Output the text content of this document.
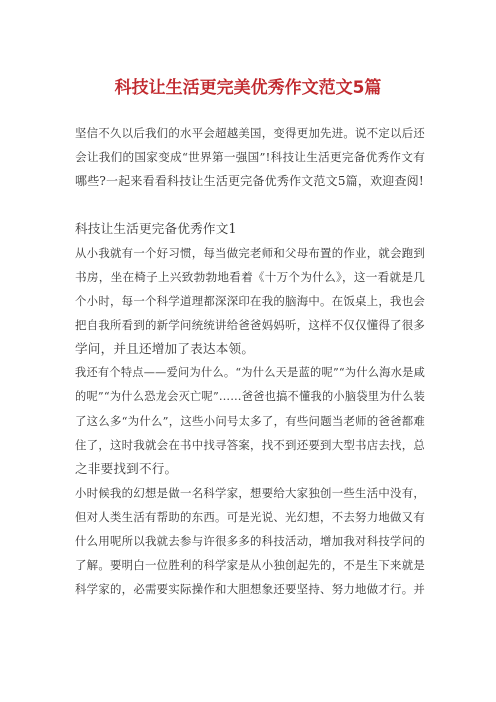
科技让生活更完美优秀作文范文5篇
坚信不久以后我们的水平会超越美国，变得更加先进。说不定以后还
会让我们的国家变成“世界第一强国”!科技让生活更完备优秀作文有
哪些?一起来看看科技让生活更完备优秀作文范文5篇，欢迎查阅!
科技让生活更完备优秀作文1
从小我就有一个好习惯，每当做完老师和父母布置的作业，就会跑到
书房，坐在椅子上兴致勃勃地看着《十万个为什么》，这一看就是几
个小时，每一个科学道理都深深印在我的脑海中。在饭桌上，我也会
把自我所看到的新学问统统讲给爸爸妈妈听，这样不仅仅懂得了很多
学问，并且还增加了表达本领。
我还有个特点——爱问为什么。“为什么天是蓝的呢”“为什么海水是咸
的呢”“为什么恐龙会灭亡呢”……爸爸也搞不懂我的小脑袋里为什么装
了这么多“为什么”，这些小问号太多了，有些问题当老师的爸爸都难
住了，这时我就会在书中找寻答案，找不到还要到大型书店去找，总
之非要找到不行。
小时候我的幻想是做一名科学家，想要给大家独创一些生活中没有，
但对人类生活有帮助的东西。可是光说、光幻想，不去努力地做又有
什么用呢所以我就去参与许很多多的科技活动，增加我对科技学问的
了解。要明白一位胜利的科学家是从小独创起先的，不是生下来就是
科学家的，必需要实际操作和大胆想象还要坚持、努力地做才行。并
